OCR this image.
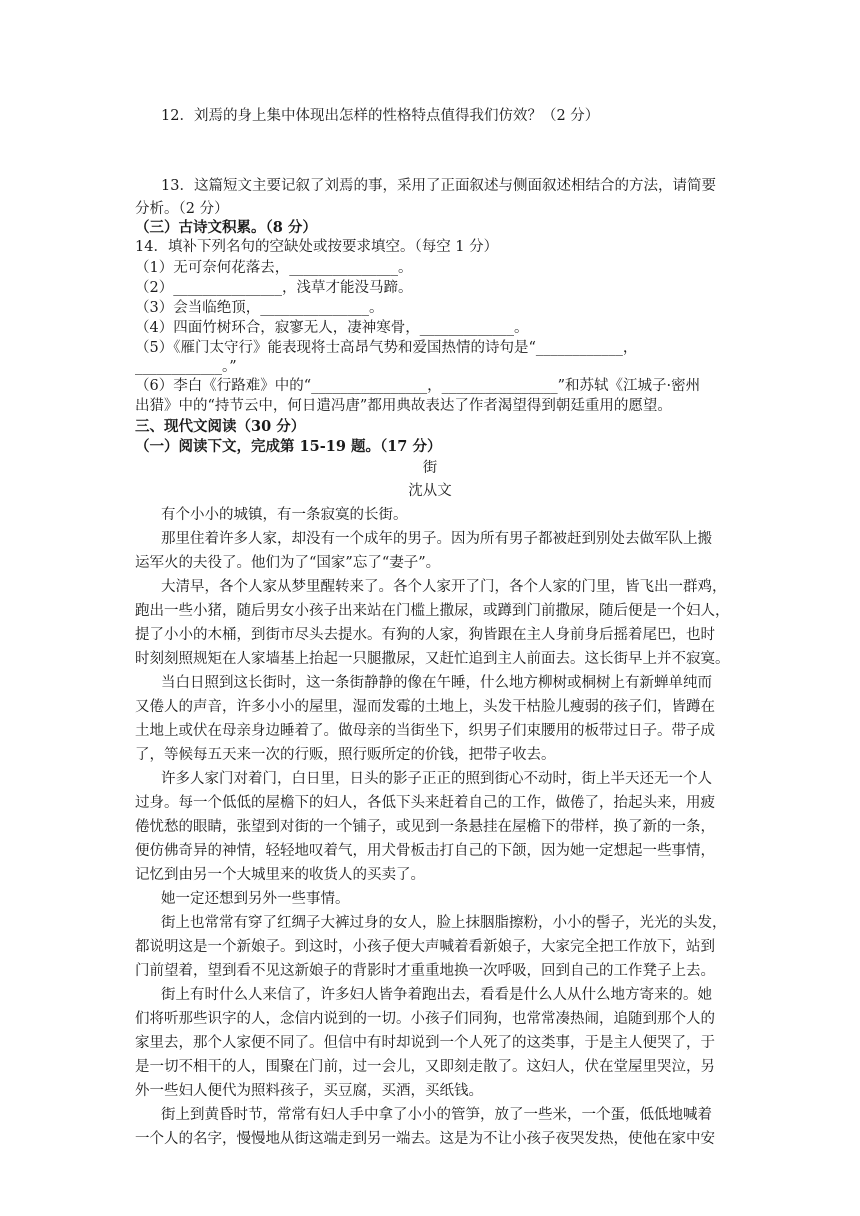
12．刘焉的身上集中体现出怎样的性格特点值得我们仿效？（2 分）
13．这篇短文主要记叙了刘焉的事，采用了正面叙述与侧面叙述相结合的方法，请简要
分析。（2 分）
（三）古诗文积累。（8 分）
14．填补下列名句的空缺处或按要求填空。（每空 1 分）
（1）无可奈何花落去，_______________。
（2）_______________，浅草才能没马蹄。
（3）会当临绝顶，_______________。
（4）四面竹树环合，寂寥无人，凄神寒骨，_____________。
（5）《雁门太守行》能表现将士高昂气势和爱国热情的诗句是“____________，
____________。”
（6）李白《行路难》中的“________________，________________”和苏轼《江城子·密州
出猎》中的“持节云中，何日遣冯唐”都用典故表达了作者渴望得到朝廷重用的愿望。
三、现代文阅读（30 分）
（一）阅读下文，完成第 15-19 题。（17 分）
街
沈从文
有个小小的城镇，有一条寂寞的长街。
那里住着许多人家，却没有一个成年的男子。因为所有男子都被赶到别处去做军队上搬
运军火的夫役了。他们为了“国家”忘了“妻子”。
大清早，各个人家从梦里醒转来了。各个人家开了门，各个人家的门里，皆飞出一群鸡，
跑出一些小猪，随后男女小孩子出来站在门槛上撒尿，或蹲到门前撒尿，随后便是一个妇人，
提了小小的木桶，到街市尽头去提水。有狗的人家，狗皆跟在主人身前身后摇着尾巴，也时
时刻刻照规矩在人家墙基上抬起一只腿撒尿，又赶忙追到主人前面去。这长街早上并不寂寞。
当白日照到这长街时，这一条街静静的像在午睡，什么地方柳树或桐树上有新蝉单纯而
又倦人的声音，许多小小的屋里，湿而发霉的土地上，头发干枯脸儿瘦弱的孩子们，皆蹲在
土地上或伏在母亲身边睡着了。做母亲的当街坐下，织男子们束腰用的板带过日子。带子成
了，等候每五天来一次的行贩，照行贩所定的价钱，把带子收去。
许多人家门对着门，白日里，日头的影子正正的照到街心不动时，街上半天还无一个人
过身。每一个低低的屋檐下的妇人，各低下头来赶着自己的工作，做倦了，抬起头来，用疲
倦忧愁的眼睛，张望到对街的一个铺子，或见到一条悬挂在屋檐下的带样，换了新的一条，
便仿佛奇异的神情，轻轻地叹着气，用犬骨板击打自己的下颌，因为她一定想起一些事情，
记忆到由另一个大城里来的收货人的买卖了。
她一定还想到另外一些事情。
街上也常常有穿了红绸子大裤过身的女人，脸上抹胭脂擦粉，小小的髻子，光光的头发，
都说明这是一个新娘子。到这时，小孩子便大声喊着看新娘子，大家完全把工作放下，站到
门前望着，望到看不见这新娘子的背影时才重重地换一次呼吸，回到自己的工作凳子上去。
街上有时什么人来信了，许多妇人皆争着跑出去，看看是什么人从什么地方寄来的。她
们将听那些识字的人，念信内说到的一切。小孩子们同狗，也常常凑热闹，追随到那个人的
家里去，那个人家便不同了。但信中有时却说到一个人死了的这类事，于是主人便哭了，于
是一切不相干的人，围聚在门前，过一会儿，又即刻走散了。这妇人，伏在堂屋里哭泣，另
外一些妇人便代为照料孩子，买豆腐，买酒，买纸钱。
街上到黄昏时节，常常有妇人手中拿了小小的管笋，放了一些米，一个蛋，低低地喊着
一个人的名字，慢慢地从街这端走到另一端去。这是为不让小孩子夜哭发热，使他在家中安
